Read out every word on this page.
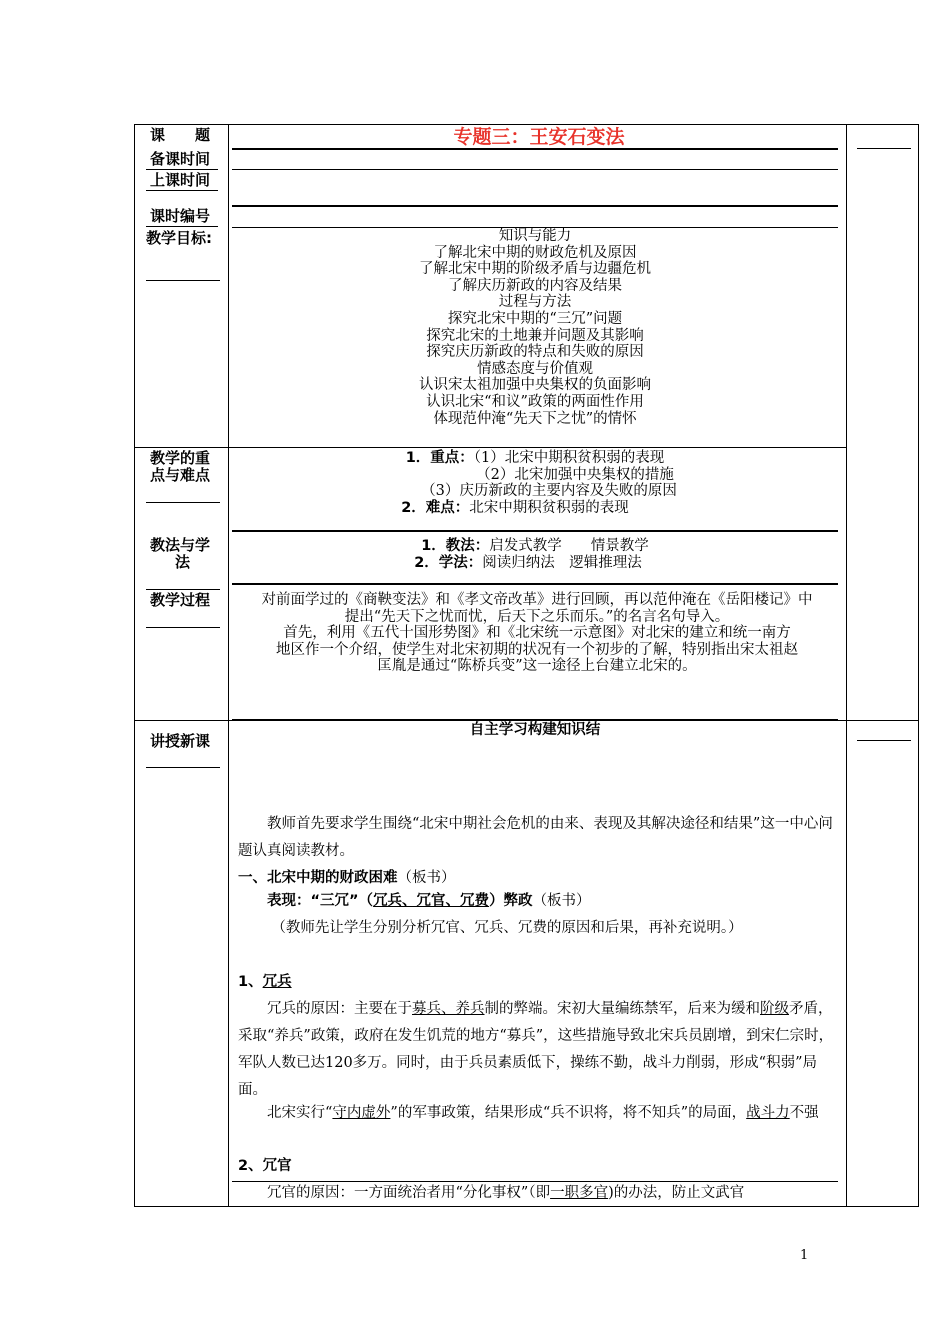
课　　题
备课时间
上课时间
课时编号
教学目标:
教学的重
点与难点
教法与学
法
教学过程
讲授新课
专题三：王安石变法
知识与能力
了解北宋中期的财政危机及原因
了解北宋中期的阶级矛盾与边疆危机
了解庆历新政的内容及结果
过程与方法
探究北宋中期的“三冗”问题
探究北宋的土地兼并问题及其影响
探究庆历新政的特点和失败的原因
情感态度与价值观
认识宋太祖加强中央集权的负面影响
认识北宋“和议”政策的两面性作用
体现范仲淹“先天下之忧”的情怀
1．重点：（1）北宋中期积贫积弱的表现
（2）北宋加强中央集权的措施
（3）庆历新政的主要内容及失败的原因
2．难点：北宋中期积贫积弱的表现
1．教法：启发式教学　　情景教学
2．学法：阅读归纳法　逻辑推理法
对前面学过的《商鞅变法》和《孝文帝改革》进行回顾，再以范仲淹在《岳阳楼记》中
提出“先天下之忧而忧，后天下之乐而乐。”的名言名句导入。
首先，利用《五代十国形势图》和《北宋统一示意图》对北宋的建立和统一南方
地区作一个介绍，使学生对北宋初期的状况有一个初步的了解，特别指出宋太祖赵
匡胤是通过“陈桥兵变”这一途径上台建立北宋的。
自主学习构建知识结
教师首先要求学生围绕“北宋中期社会危机的由来、表现及其解决途径和结果”这一中心问题认真阅读教材。
一、北宋中期的财政困难（板书）
表现：“三冗”（冗兵、冗官、冗费）弊政（板书）
（教师先让学生分别分析冗官、冗兵、冗费的原因和后果，再补充说明。）
1、冗兵
冗兵的原因：主要在于募兵、养兵制的弊端。宋初大量编练禁军，后来为缓和阶级矛盾，采取“养兵”政策，政府在发生饥荒的地方“募兵”，这些措施导致北宋兵员剧增，到宋仁宗时，军队人数已达120多万。同时，由于兵员素质低下，操练不勤，战斗力削弱，形成“积弱”局面。
北宋实行“守内虚外”的军事政策，结果形成“兵不识将，将不知兵”的局面，战斗力不强
2、冗官
冗官的原因：一方面统治者用“分化事权”（即一职多官)的办法，防止文武官
1
